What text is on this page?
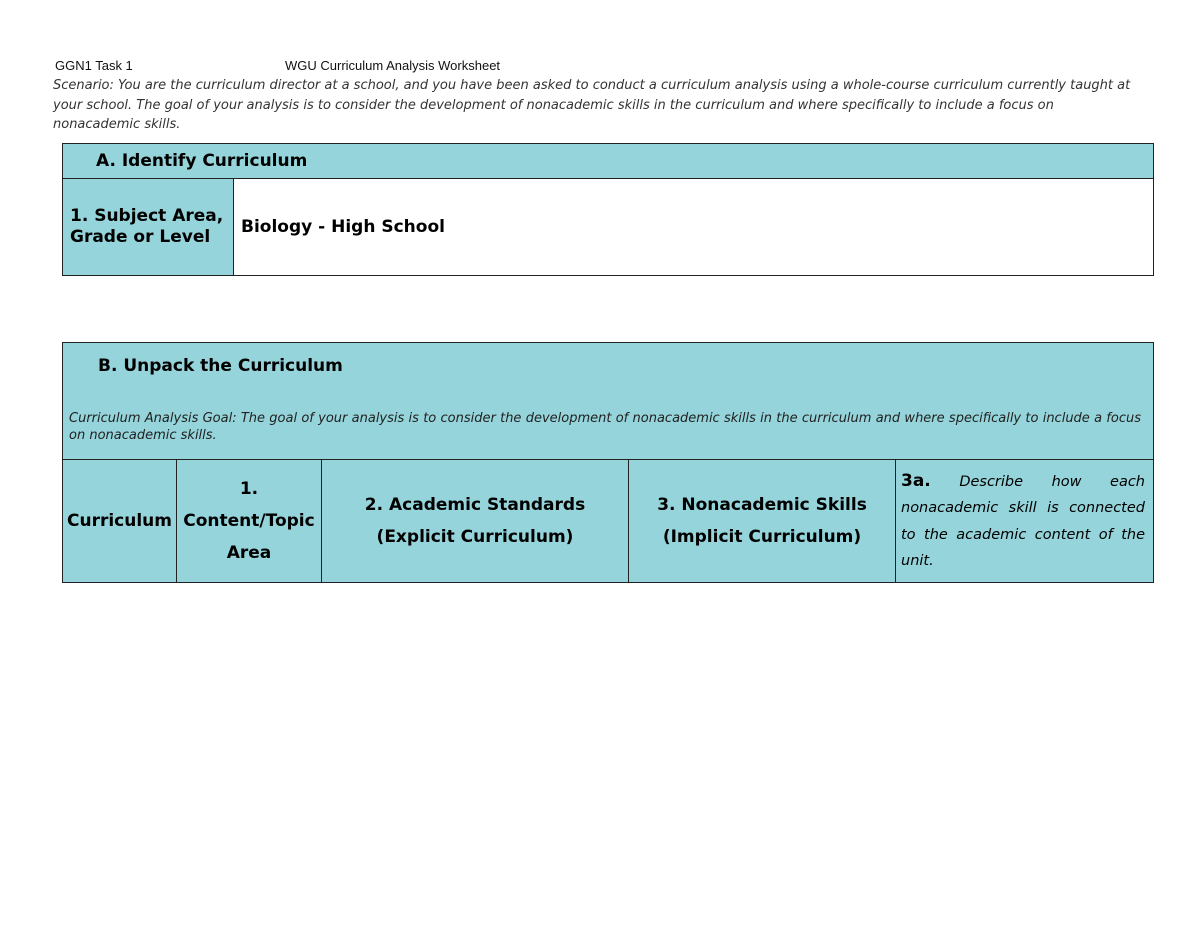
GGN1 Task 1	WGU Curriculum Analysis Worksheet
Scenario: You are the curriculum director at a school, and you have been asked to conduct a curriculum analysis using a whole-course curriculum currently taught at your school. The goal of your analysis is to consider the development of nonacademic skills in the curriculum and where specifically to include a focus on nonacademic skills.
A. Identify Curriculum
1. Subject Area, Grade or Level	Biology - High School
B. Unpack the Curriculum
Curriculum Analysis Goal: The goal of your analysis is to consider the development of nonacademic skills in the curriculum and where specifically to include a focus on nonacademic skills.

Curriculum	1. Content/Topic Area	2. Academic Standards (Explicit Curriculum)	3. Nonacademic Skills (Implicit Curriculum)	3a. Describe how each nonacademic skill is connected to the academic content of the unit.
